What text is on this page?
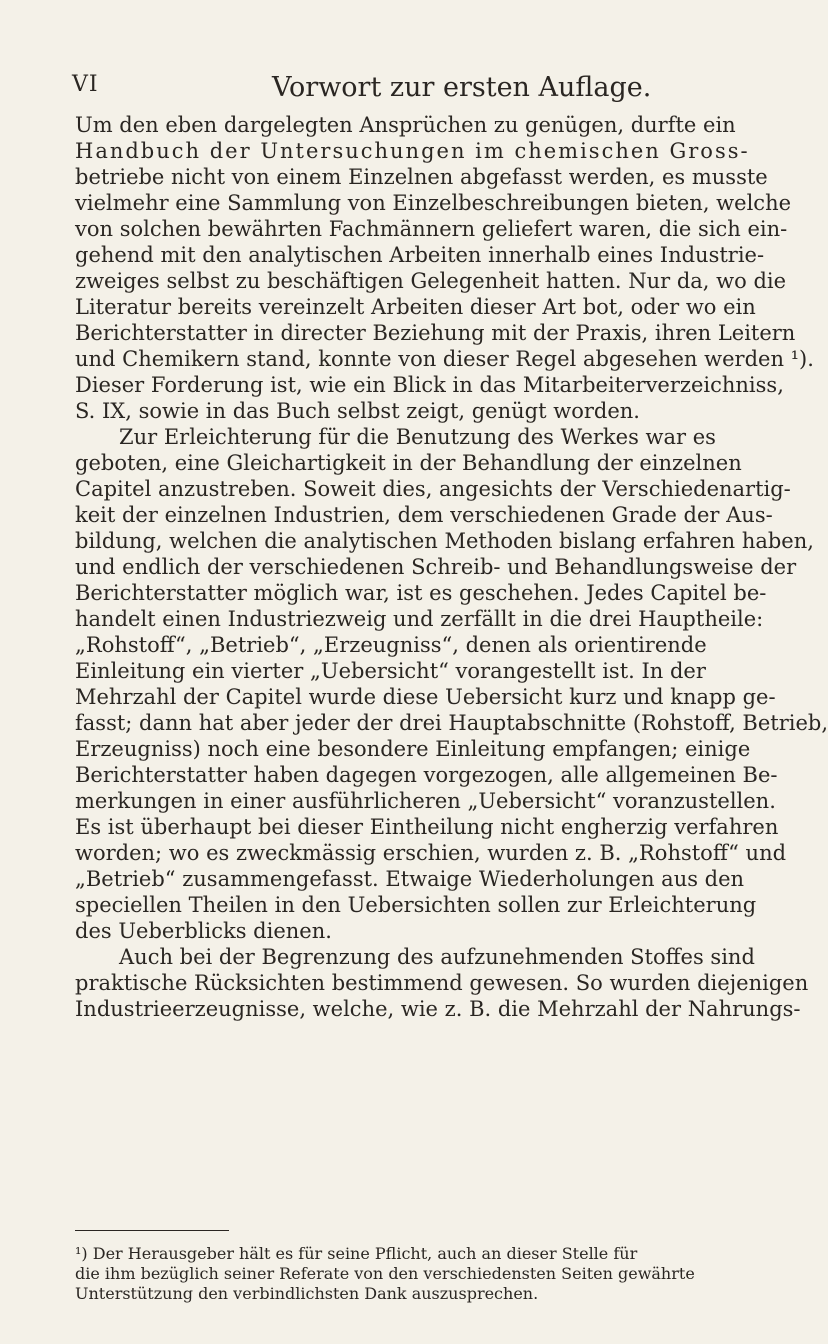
VI	Vorwort zur ersten Auflage.
Um den eben dargelegten Ansprüchen zu genügen, durfte ein
Handbuch der Untersuchungen im chemischen Gross-
betriebe nicht von einem Einzelnen abgefasst werden, es musste
vielmehr eine Sammlung von Einzelbeschreibungen bieten, welche
von solchen bewährten Fachmännern geliefert waren, die sich ein-
gehend mit den analytischen Arbeiten innerhalb eines Industrie-
zweiges selbst zu beschäftigen Gelegenheit hatten. Nur da, wo die
Literatur bereits vereinzelt Arbeiten dieser Art bot, oder wo ein
Berichterstatter in directer Beziehung mit der Praxis, ihren Leitern
und Chemikern stand, konnte von dieser Regel abgesehen werden ¹).
Dieser Forderung ist, wie ein Blick in das Mitarbeiterverzeichniss,
S. IX, sowie in das Buch selbst zeigt, genügt worden.
Zur Erleichterung für die Benutzung des Werkes war es
geboten, eine Gleichartigkeit in der Behandlung der einzelnen
Capitel anzustreben. Soweit dies, angesichts der Verschiedenartig-
keit der einzelnen Industrien, dem verschiedenen Grade der Aus-
bildung, welchen die analytischen Methoden bislang erfahren haben,
und endlich der verschiedenen Schreib- und Behandlungsweise der
Berichterstatter möglich war, ist es geschehen. Jedes Capitel be-
handelt einen Industriezweig und zerfällt in die drei Hauptheile:
„Rohstoff“, „Betrieb“, „Erzeugniss“, denen als orientirende
Einleitung ein vierter „Uebersicht“ vorangestellt ist. In der
Mehrzahl der Capitel wurde diese Uebersicht kurz und knapp ge-
fasst; dann hat aber jeder der drei Hauptabschnitte (Rohstoff, Betrieb,
Erzeugniss) noch eine besondere Einleitung empfangen; einige
Berichterstatter haben dagegen vorgezogen, alle allgemeinen Be-
merkungen in einer ausführlicheren „Uebersicht“ voranzustellen.
Es ist überhaupt bei dieser Eintheilung nicht engherzig verfahren
worden; wo es zweckmässig erschien, wurden z. B. „Rohstoff“ und
„Betrieb“ zusammengefasst. Etwaige Wiederholungen aus den
speciellen Theilen in den Uebersichten sollen zur Erleichterung
des Ueberblicks dienen.
Auch bei der Begrenzung des aufzunehmenden Stoffes sind
praktische Rücksichten bestimmend gewesen. So wurden diejenigen
Industrieerzeugnisse, welche, wie z. B. die Mehrzahl der Nahrungs-
¹) Der Herausgeber hält es für seine Pflicht, auch an dieser Stelle für
die ihm bezüglich seiner Referate von den verschiedensten Seiten gewährte
Unterstützung den verbindlichsten Dank auszusprechen.
